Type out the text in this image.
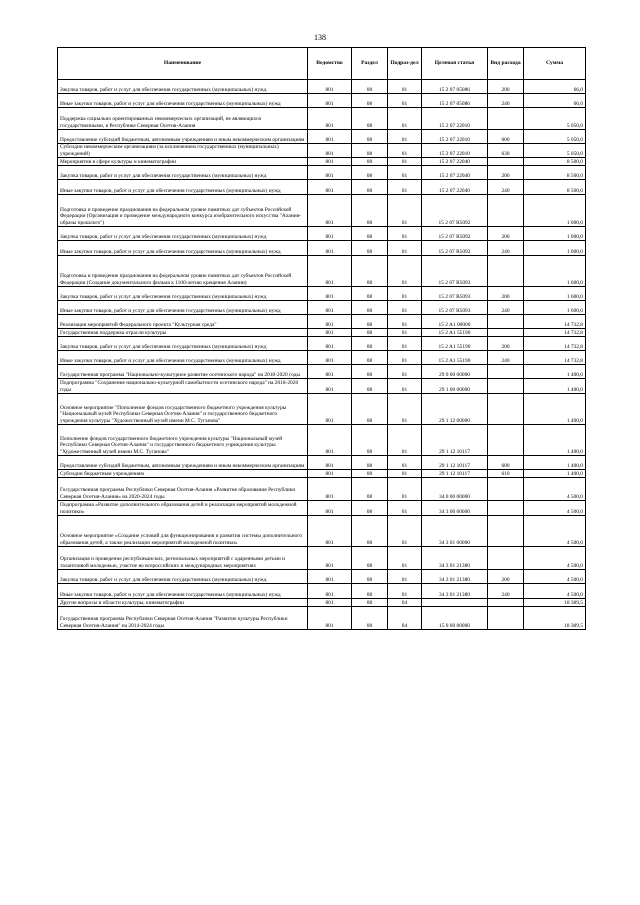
138
Наименование	Ведомство	Раздел	Подраз-дел	Целевая статья	Вид расхода	Сумма
Закупка товаров, работ и услуг для обеспечения государственных (муниципальных) нужд	801	08	01	15 2 07 05086	200	66,0
Иные закупки товаров, работ и услуг для обеспечения государственных (муниципальных) нужд	801	08	01	15 2 07 05086	240	66,0
Поддержка социально ориентированных некоммерческих организаций, не являющихся государственными, в Республике Северная Осетия-Алания	801	08	01	15 2 07 22010		5 050,0
Предоставление субсидий бюджетным, автономным учреждениям и иным некоммерческим организациям	801	08	01	15 2 07 22010	600	5 050,0
Субсидии некоммерческим организациям (за исключением государственных (муниципальных) учреждений)	801	08	01	15 2 07 22010	630	5 050,0
Мероприятия в сфере культуры и кинематографии	801	08	01	15 2 07 22040		8 500,0
Закупка товаров, работ и услуг для обеспечения государственных (муниципальных) нужд	801	08	01	15 2 07 22040	200	8 500,0
Иные закупки товаров, работ и услуг для обеспечения государственных (муниципальных) нужд	801	08	01	15 2 07 22040	240	8 500,0
Подготовка и проведение празднования на федеральном уровне памятных дат субъектов Российской Федерации (Организация и проведение международного конкурса изобразительного искусства "Алания-образы прошлого")	801	08	01	15 2 07 R5092		1 000,0
Закупка товаров, работ и услуг для обеспечения государственных (муниципальных) нужд	801	08	01	15 2 07 R5092	200	1 000,0
Иные закупки товаров, работ и услуг для обеспечения государственных (муниципальных) нужд	801	08	01	15 2 07 R5092	240	1 000,0
Подготовка и проведение празднования на федеральном уровне памятных дат субъектов Российской Федерации (Создание документального фильма к 1100-летию крещения Алании)	801	08	01	15 2 07 R5093		1 600,0
Закупка товаров, работ и услуг для обеспечения государственных (муниципальных) нужд	801	08	01	15 2 07 R5093	200	1 600,0
Иные закупки товаров, работ и услуг для обеспечения государственных (муниципальных) нужд	801	08	01	15 2 07 R5093	240	1 600,0
Реализация мероприятий Федерального проекта "Культурная среда"	801	08	01	15 2 A1 00000		14 732,8
Государственная поддержка отрасли культуры	801	08	01	15 2 A1 55190		14 732,8
Закупка товаров, работ и услуг для обеспечения государственных (муниципальных) нужд	801	08	01	15 2 A1 55190	200	14 732,8
Иные закупки товаров, работ и услуг для обеспечения государственных (муниципальных) нужд	801	08	01	15 2 A1 55190	240	14 732,8
Государственная программа "Национально-культурное развитие осетинского народа" на 2018-2020 годы	801	08	01	29 0 00 00000		1 400,0
Подпрограмма "Сохранение национально-культурной самобытности осетинского народа" на 2018-2020 годы	801	08	01	29 1 00 00000		1 400,0
Основное мероприятие "Пополнение фондов государственного бюджетного учреждения культуры "Национальный музей Республики Северная Осетия-Алания" и государственного бюджетного учреждения культуры "Художественный музей имени М.С. Туганова"	801	08	01	29 1 12 00000		1 400,0
Пополнение фондов государственного бюджетного учреждения культуры "Национальный музей Республики Северная Осетия-Алания" и государственного бюджетного учреждения культуры "Художественный музей имени М.С. Туганова"	801	08	01	29 1 12 10117		1 400,0
Предоставление субсидий бюджетным, автономным учреждениям и иным некоммерческим организациям	801	08	01	29 1 12 10117	600	1 400,0
Субсидии бюджетным учреждениям	801	08	01	29 1 12 10117	610	1 400,0
Государственная программа Республики Северная Осетия-Алания «Развитие образования Республики Северная Осетия-Алания» на 2020-2024 годы	801	08	01	34 0 00 00000		4 500,0
Подпрограмма «Развитие дополнительного образования детей и реализация мероприятий молодежной политики»	801	08	01	34 3 00 00000		4 500,0
Основное мероприятие «Создание условий для функционирования и развития системы дополнительного образования детей, а также реализации мероприятий молодежной политики»	801	08	01	34 3 01 00000		4 500,0
Организация и проведение республиканских, региональных мероприятий с одаренными детьми и талантливой молодежью, участие во всероссийских и международных мероприятиях	801	08	01	34 3 01 21380		4 500,0
Закупка товаров, работ и услуг для обеспечения государственных (муниципальных) нужд	801	08	01	34 3 01 21380	200	4 500,0
Иные закупки товаров, работ и услуг для обеспечения государственных (муниципальных) нужд	801	08	01	34 3 01 21380	240	4 500,0
Другие вопросы в области культуры, кинематографии	801	08	04			18 389,5
Государственная программа Республики Северная Осетия-Алания "Развитие культуры Республики Северная Осетия-Алания" на 2014-2024 годы	801	08	04	15 0 00 00000		18 389,5
